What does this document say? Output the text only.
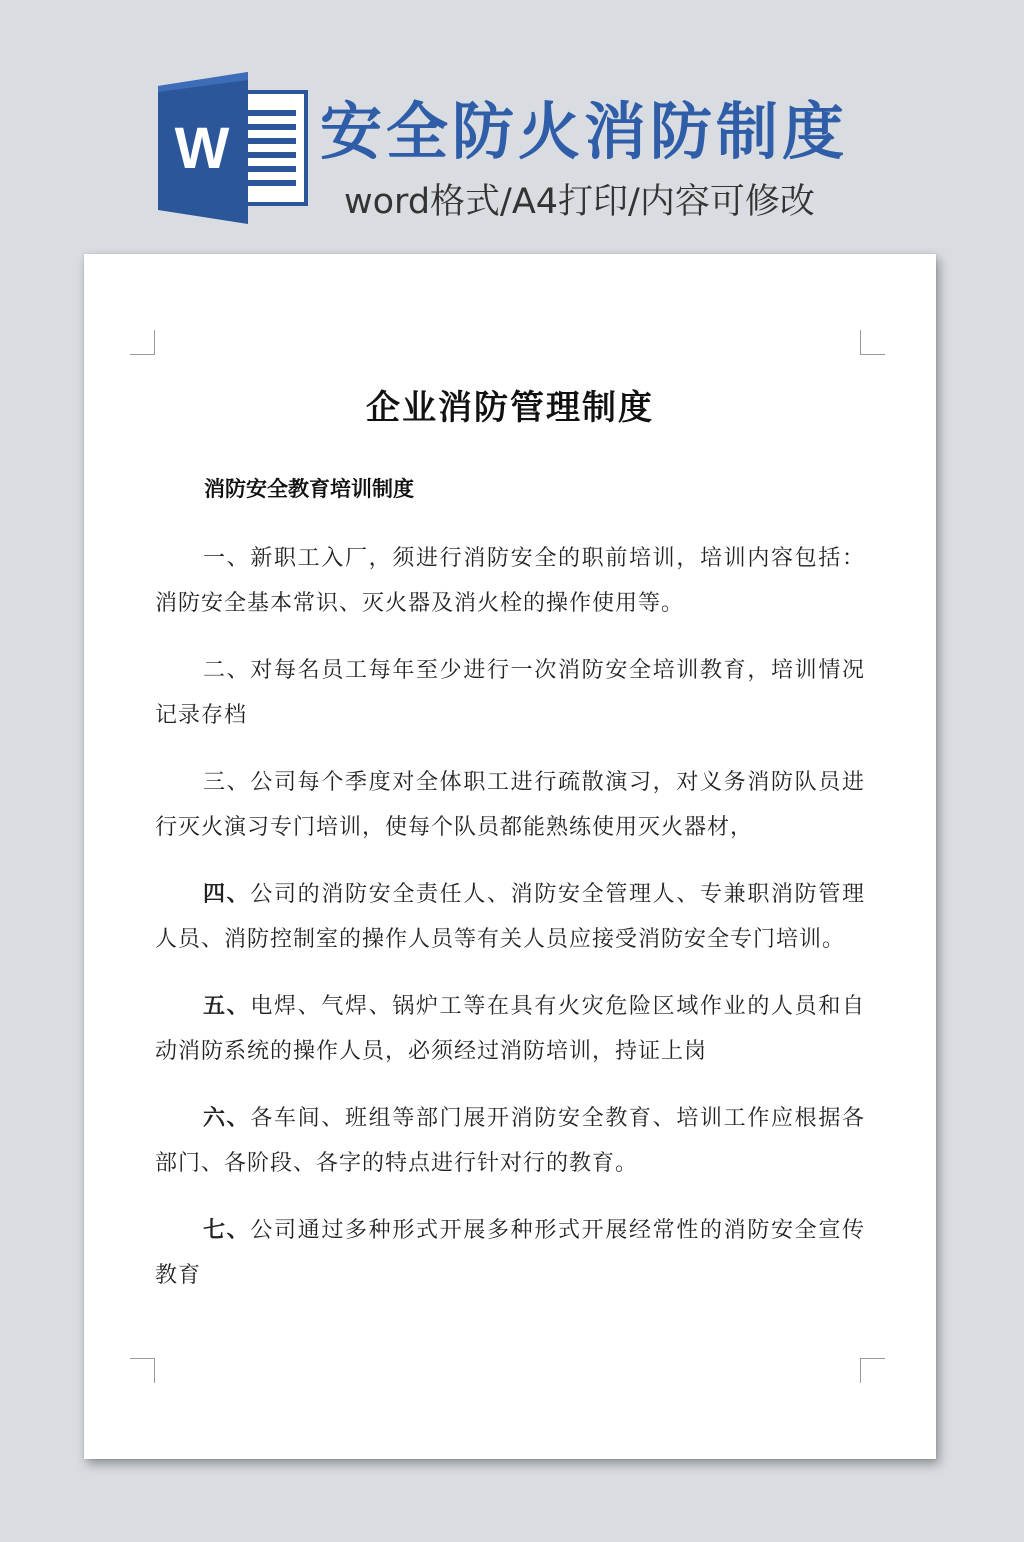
W 安全防火消防制度
word格式/A4打印/内容可修改
企业消防管理制度
消防安全教育培训制度

一、新职工入厂，须进行消防安全的职前培训，培训内容包括：消防安全基本常识、灭火器及消火栓的操作使用等。

二、对每名员工每年至少进行一次消防安全培训教育，培训情况记录存档

三、公司每个季度对全体职工进行疏散演习，对义务消防队员进行灭火演习专门培训，使每个队员都能熟练使用灭火器材，

四、公司的消防安全责任人、消防安全管理人、专兼职消防管理人员、消防控制室的操作人员等有关人员应接受消防安全专门培训。

五、电焊、气焊、锅炉工等在具有火灾危险区域作业的人员和自动消防系统的操作人员，必须经过消防培训，持证上岗

六、各车间、班组等部门展开消防安全教育、培训工作应根据各部门、各阶段、各字的特点进行针对行的教育。

七、公司通过多种形式开展多种形式开展经常性的消防安全宣传教育
